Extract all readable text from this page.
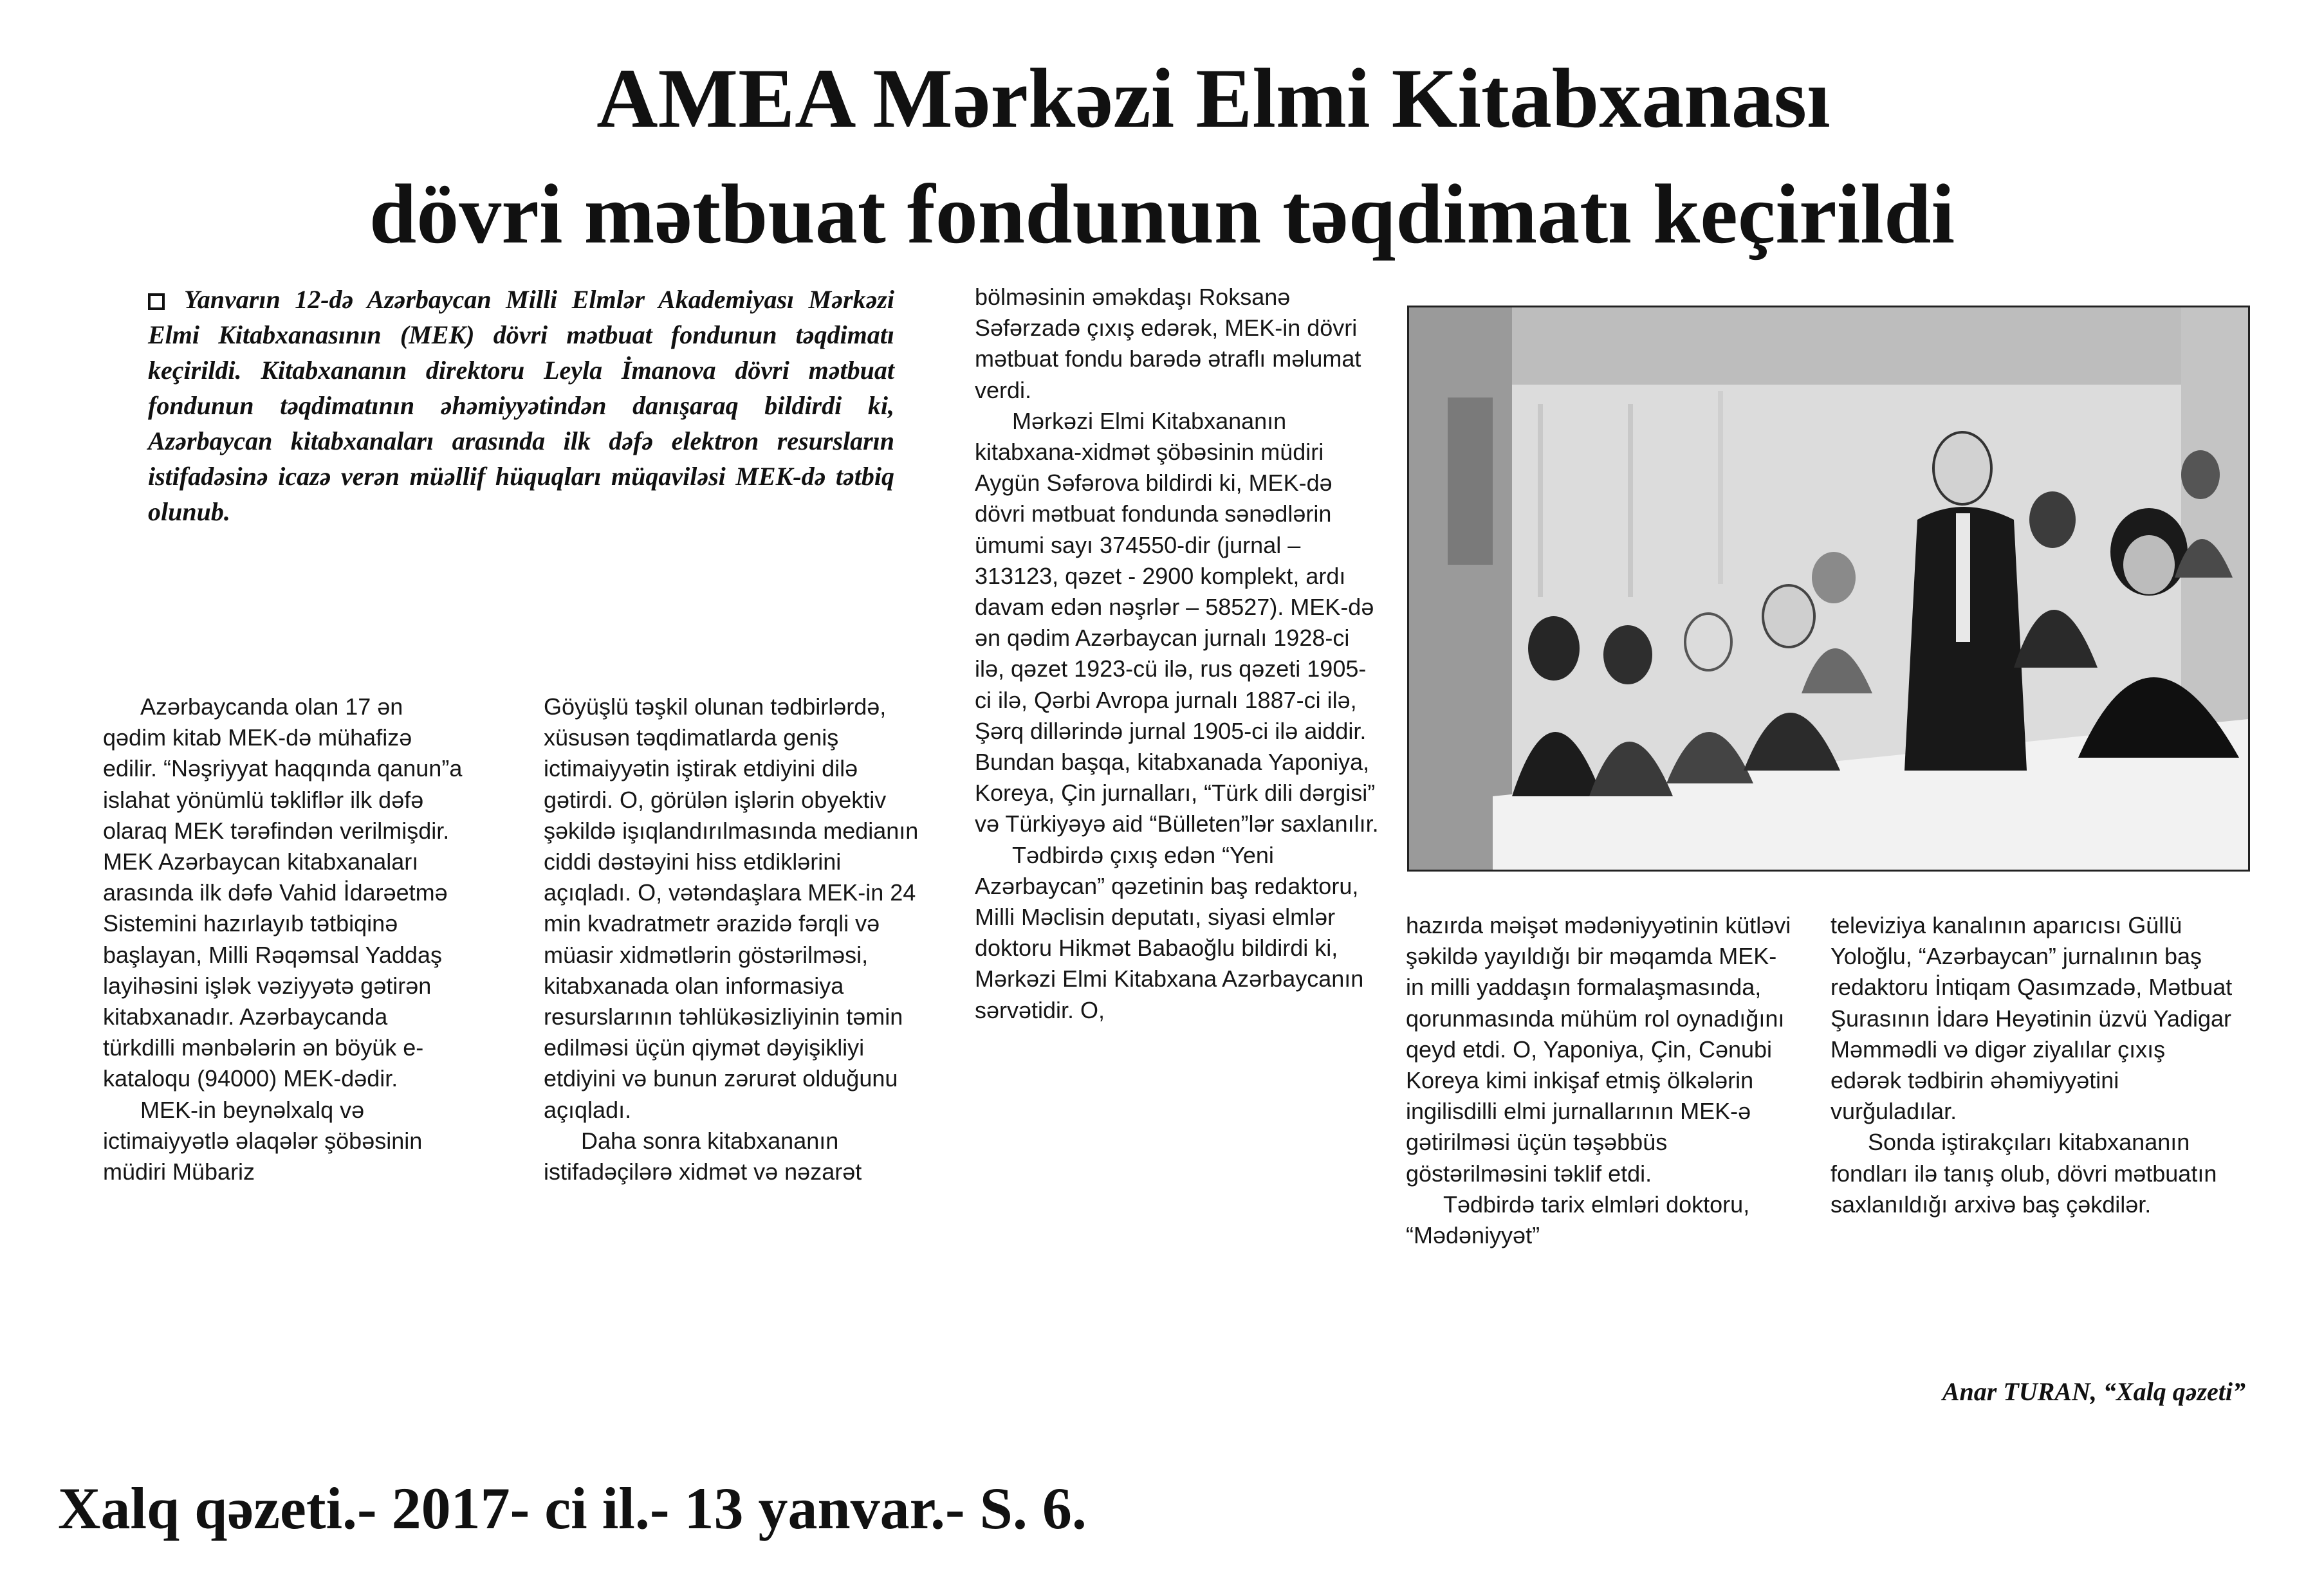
AMEA Mərkəzi Elmi Kitabxanası
dövri mətbuat fondunun təqdimatı keçirildi
Yanvarın 12-də Azərbaycan Milli Elmlər Akademiyası Mərkəzi Elmi Kitabxanasının (MEK) dövri mətbuat fondunun təqdimatı keçirildi. Kitabxananın direktoru Leyla İmanova dövri mətbuat fondunun təqdimatının əhəmiyyətindən danışaraq bildirdi ki, Azərbaycan kitabxanaları arasında ilk dəfə elektron resursların istifadəsinə icazə verən müəllif hüquqları müqaviləsi MEK-də tətbiq olunub.

Azərbaycanda olan 17 ən qədim kitab MEK-də mühafizə edilir. “Nəşriyyat haqqında qanun”a islahat yönümlü təkliflər ilk dəfə olaraq MEK tərəfindən verilmişdir. MEK Azərbaycan kitabxanaları arasında ilk dəfə Vahid İdarəetmə Sistemini hazırlayıb tətbiqinə başlayan, Milli Rəqəmsal Yaddaş layihəsini işlək vəziyyətə gətirən kitabxanadır. Azərbaycanda türkdilli mənbələrin ən böyük e-kataloqu (94000) MEK-dədir.

MEK-in beynəlxalq və ictimaiyyətlə əlaqələr şöbəsinin müdiri Mübariz

Göyüşlü təşkil olunan tədbirlərdə, xüsusən təqdimatlarda geniş ictimaiyyətin iştirak etdiyini dilə gətirdi. O, görülən işlərin obyektiv şəkildə işıqlandırılmasında medianın ciddi dəstəyini hiss etdiklərini açıqladı. O, vətəndaşlara MEK-in 24 min kvadratmetr ərazidə fərqli və müasir xidmətlərin göstərilməsi, kitabxanada olan informasiya resurslarının təhlükəsizliyinin təmin edilməsi üçün qiymət dəyişikliyi etdiyini və bunun zərurət olduğunu açıqladı.

Daha sonra kitabxananın istifadəçilərə xidmət və nəzarət

bölməsinin əməkdaşı Roksanə Səfərzadə çıxış edərək, MEK-in dövri mətbuat fondu barədə ətraflı məlumat verdi.

Mərkəzi Elmi Kitabxananın kitabxana-xidmət şöbəsinin müdiri Aygün Səfərova bildirdi ki, MEK-də dövri mətbuat fondunda sənədlərin ümumi sayı 374550-dir (jurnal – 313123, qəzet - 2900 komplekt, ardı davam edən nəşrlər – 58527). MEK-də ən qədim Azərbaycan jurnalı 1928-ci ilə, qəzet 1923-cü ilə, rus qəzeti 1905-ci ilə, Qərbi Avropa jurnalı 1887-ci ilə, Şərq dillərində jurnal 1905-ci ilə aiddir. Bundan başqa, kitabxanada Yaponiya, Koreya, Çin jurnalları, “Türk dili dərgisi” və Türkiyəyə aid “Bülleten”lər saxlanılır.

Tədbirdə çıxış edən “Yeni Azərbaycan” qəzetinin baş redaktoru, Milli Məclisin deputatı, siyasi elmlər doktoru Hikmət Babaoğlu bildirdi ki, Mərkəzi Elmi Kitabxana Azərbaycanın sərvətidir. O,

hazırda məişət mədəniyyətinin kütləvi şəkildə yayıldığı bir məqamda MEK-in milli yaddaşın formalaşmasında, qorunmasında mühüm rol oynadığını qeyd etdi. O, Yaponiya, Çin, Cənubi Koreya kimi inkişaf etmiş ölkələrin ingilisdilli elmi jurnallarının MEK-ə gətirilməsi üçün təşəbbüs göstərilməsini təklif etdi.

Tədbirdə tarix elmləri doktoru, “Mədəniyyət”

televiziya kanalının aparıcısı Güllü Yoloğlu, “Azərbaycan” jurnalının baş redaktoru İntiqam Qasımzadə, Mətbuat Şurasının İdarə Heyətinin üzvü Yadigar Məmmədli və digər ziyalılar çıxış edərək tədbirin əhəmiyyətini vurğuladılar.

Sonda iştirakçıları kitabxananın fondları ilə tanış olub, dövri mətbuatın saxlanıldığı arxivə baş çəkdilər.

Anar TURAN, “Xalq qəzeti”
Xalq qəzeti.- 2017- ci il.- 13 yanvar.- S. 6.
